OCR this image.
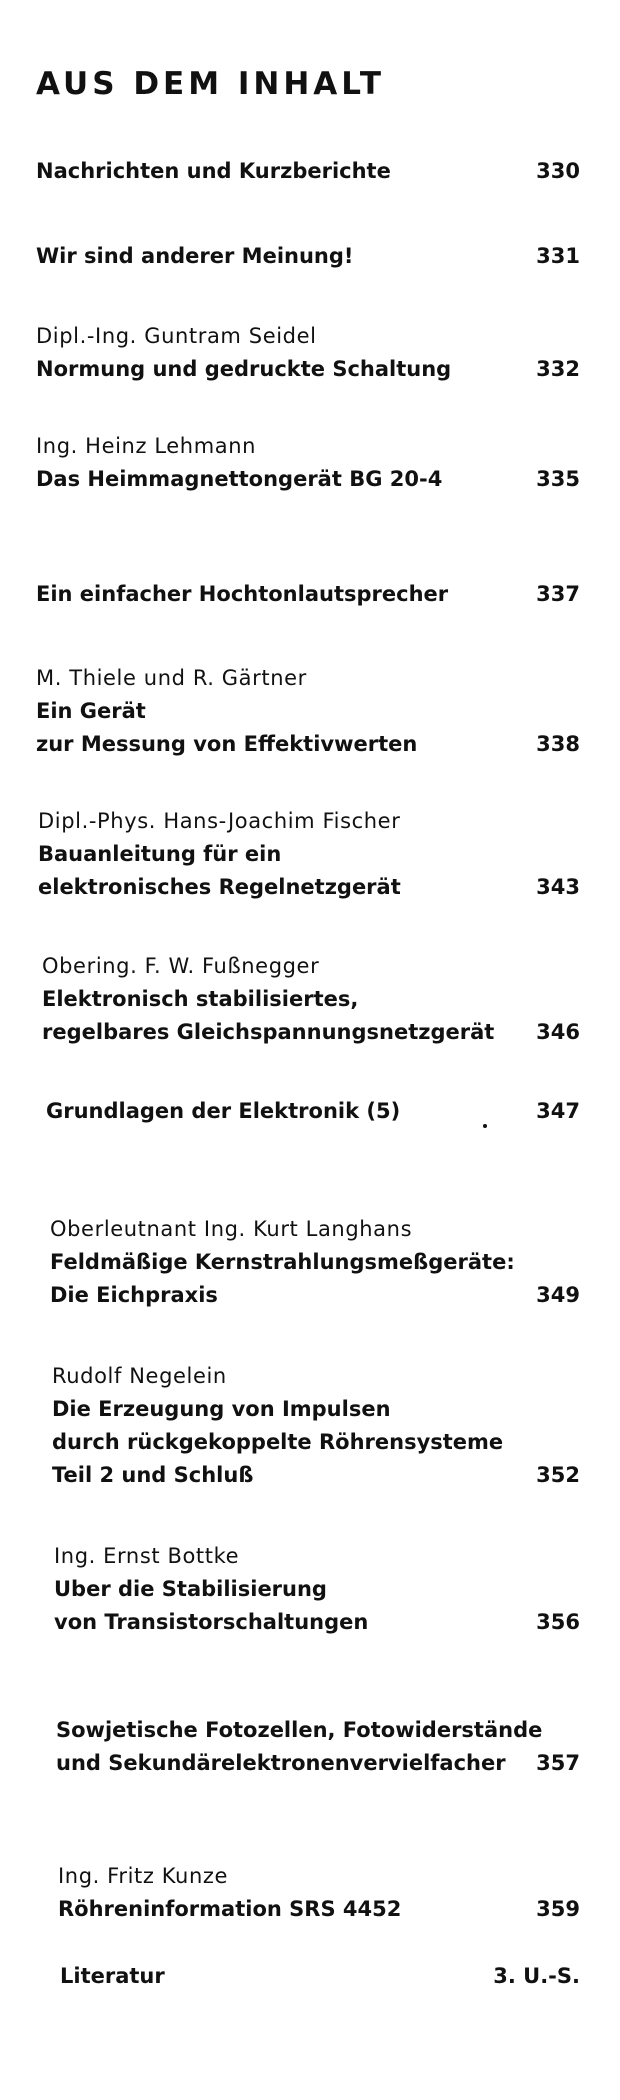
AUS DEM INHALT
Nachrichten und Kurzberichte	330
Wir sind anderer Meinung!	331
Dipl.-Ing. Guntram Seidel
Normung und gedruckte Schaltung	332
Ing. Heinz Lehmann
Das Heimmagnettongerät BG 20-4	335
Ein einfacher Hochtonlautsprecher	337
M. Thiele und R. Gärtner
Ein Gerät
zur Messung von Effektivwerten	338
Dipl.-Phys. Hans-Joachim Fischer
Bauanleitung für ein
elektronisches Regelnetzgerät	343
Obering. F. W. Fußnegger
Elektronisch stabilisiertes,
regelbares Gleichspannungsnetzgerät	346
Grundlagen der Elektronik (5)	347
Oberleutnant Ing. Kurt Langhans
Feldmäßige Kernstrahlungsmeßgeräte:
Die Eichpraxis	349
Rudolf Negelein
Die Erzeugung von Impulsen
durch rückgekoppelte Röhrensysteme
Teil 2 und Schluß	352
Ing. Ernst Bottke
Uber die Stabilisierung
von Transistorschaltungen	356
Sowjetische Fotozellen, Fotowiderstände
und Sekundärelektronenvervielfacher	357
Ing. Fritz Kunze
Röhreninformation SRS 4452	359
Literatur	3. U.-S.
